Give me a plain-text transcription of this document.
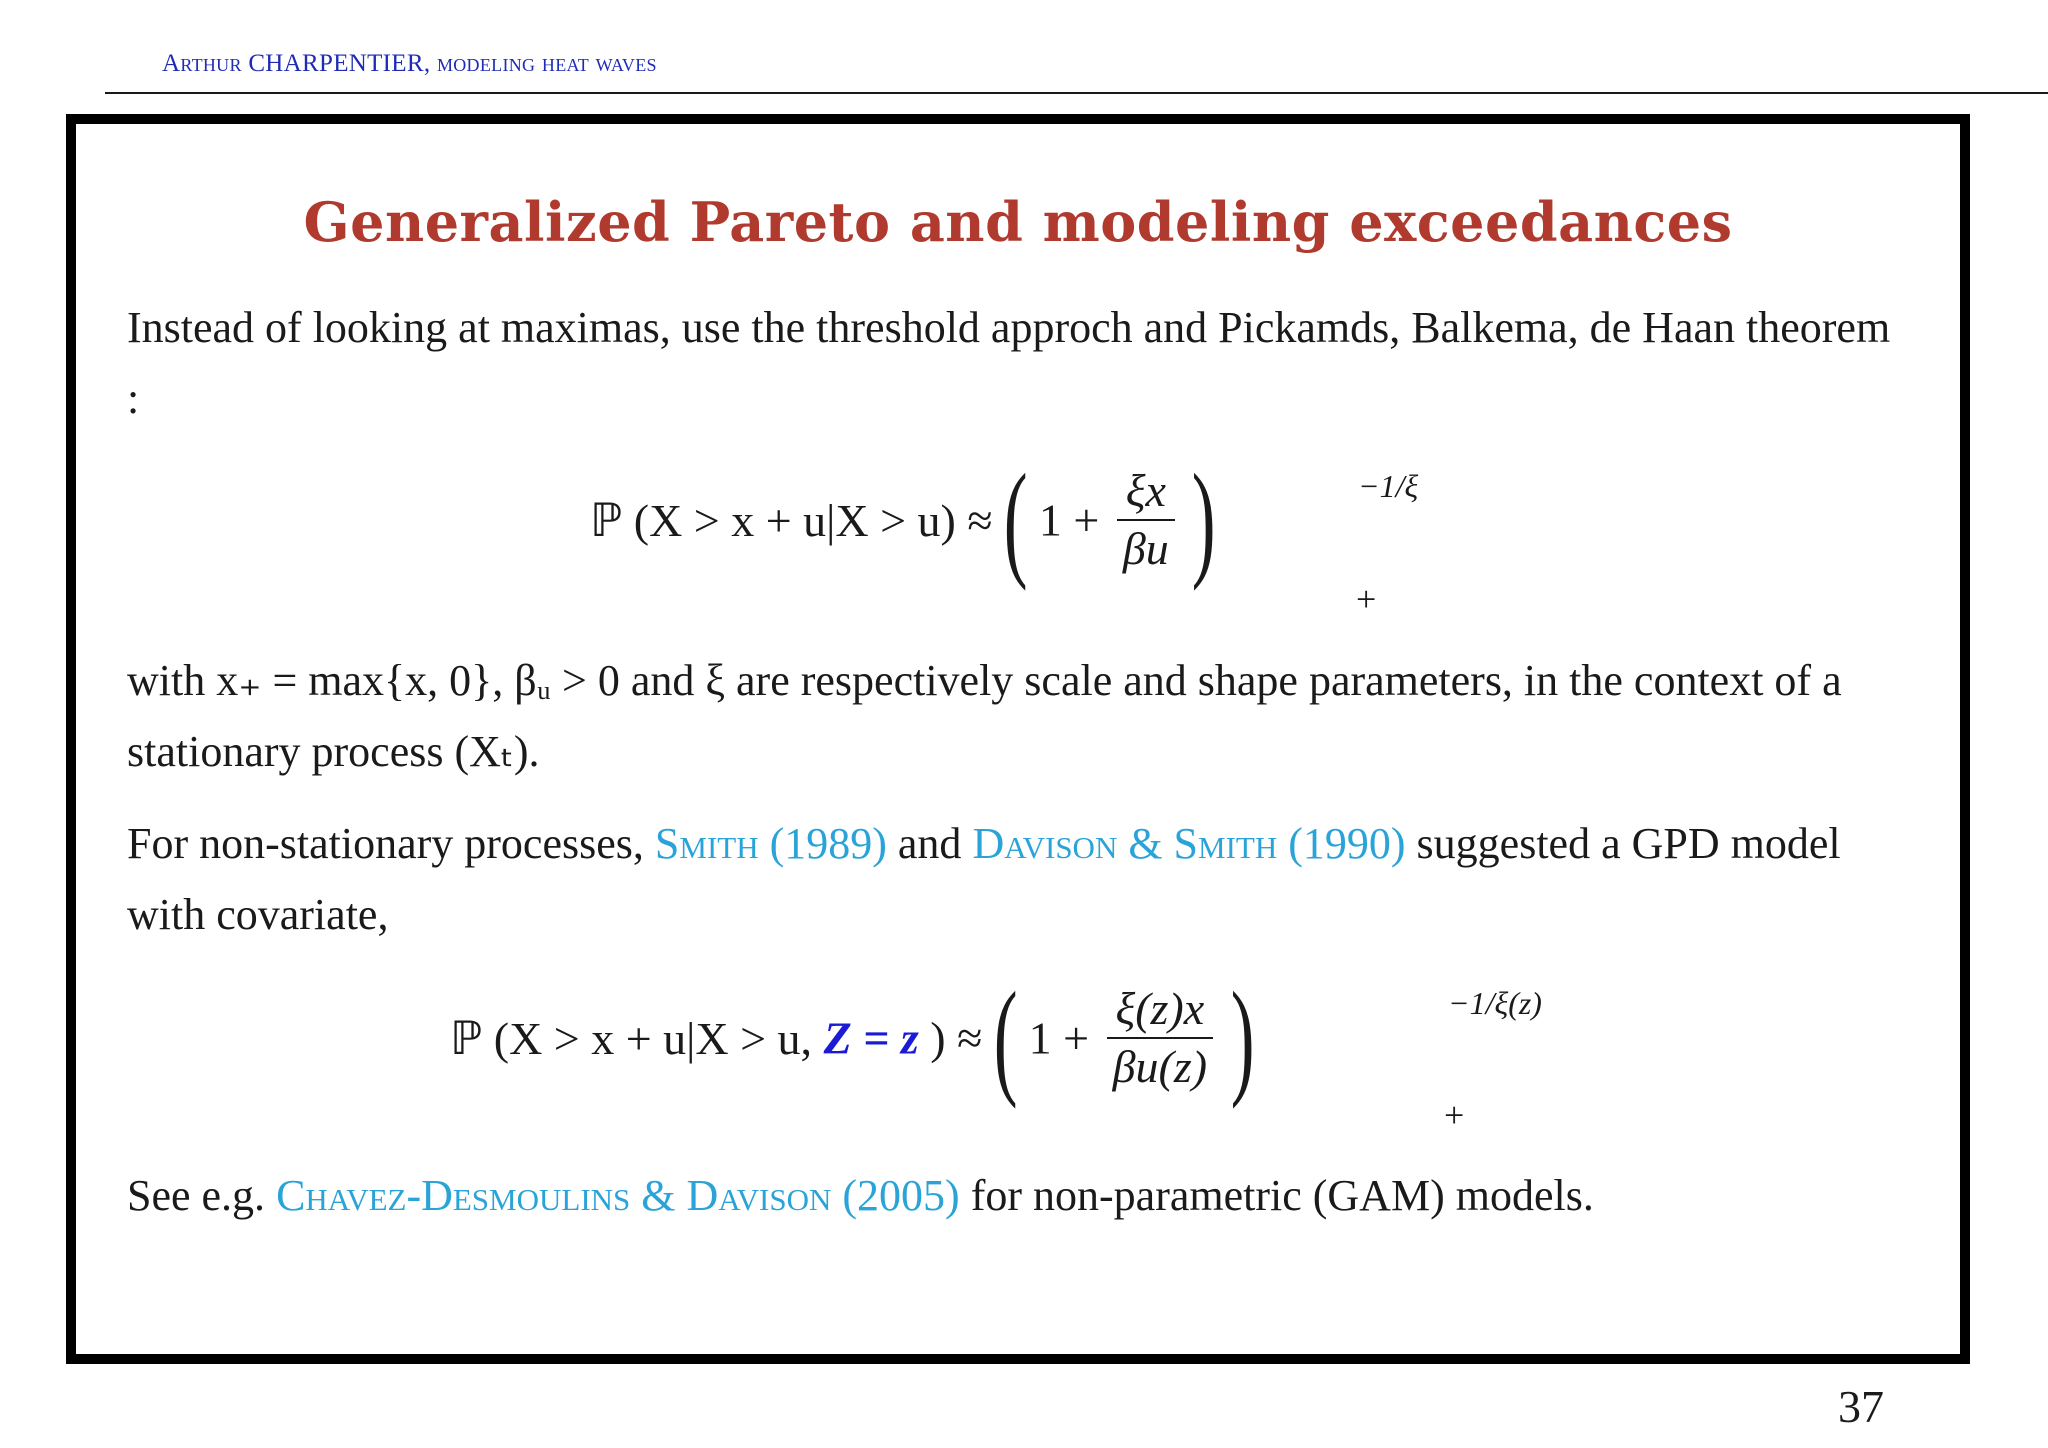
Arthur CHARPENTIER, modeling heat waves
Generalized Pareto and modeling exceedances

Instead of looking at maximas, use the threshold approch and Pickamds, Balkema, de Haan theorem :

ℙ (X > x + u|X > u) ≈ ( $1 + \frac{\xi x}{\beta u}$ )	−1/ξ
+

with x₊ = max{x, 0}, βᵤ > 0 and ξ are respectively scale and shape parameters, in the context of a stationary process (Xₜ).

For non-stationary processes, Smith (1989) and Davison & Smith (1990) suggested a GPD model with covariate,

ℙ (X > x + u|X > u, Z = z ) ≈ ( $1 + \frac{\xi(z)x}{\beta u(z)}$ )	−1/ξ(z)
+

See e.g. Chavez-Desmoulins & Davison (2005) for non-parametric (GAM) models.

37
